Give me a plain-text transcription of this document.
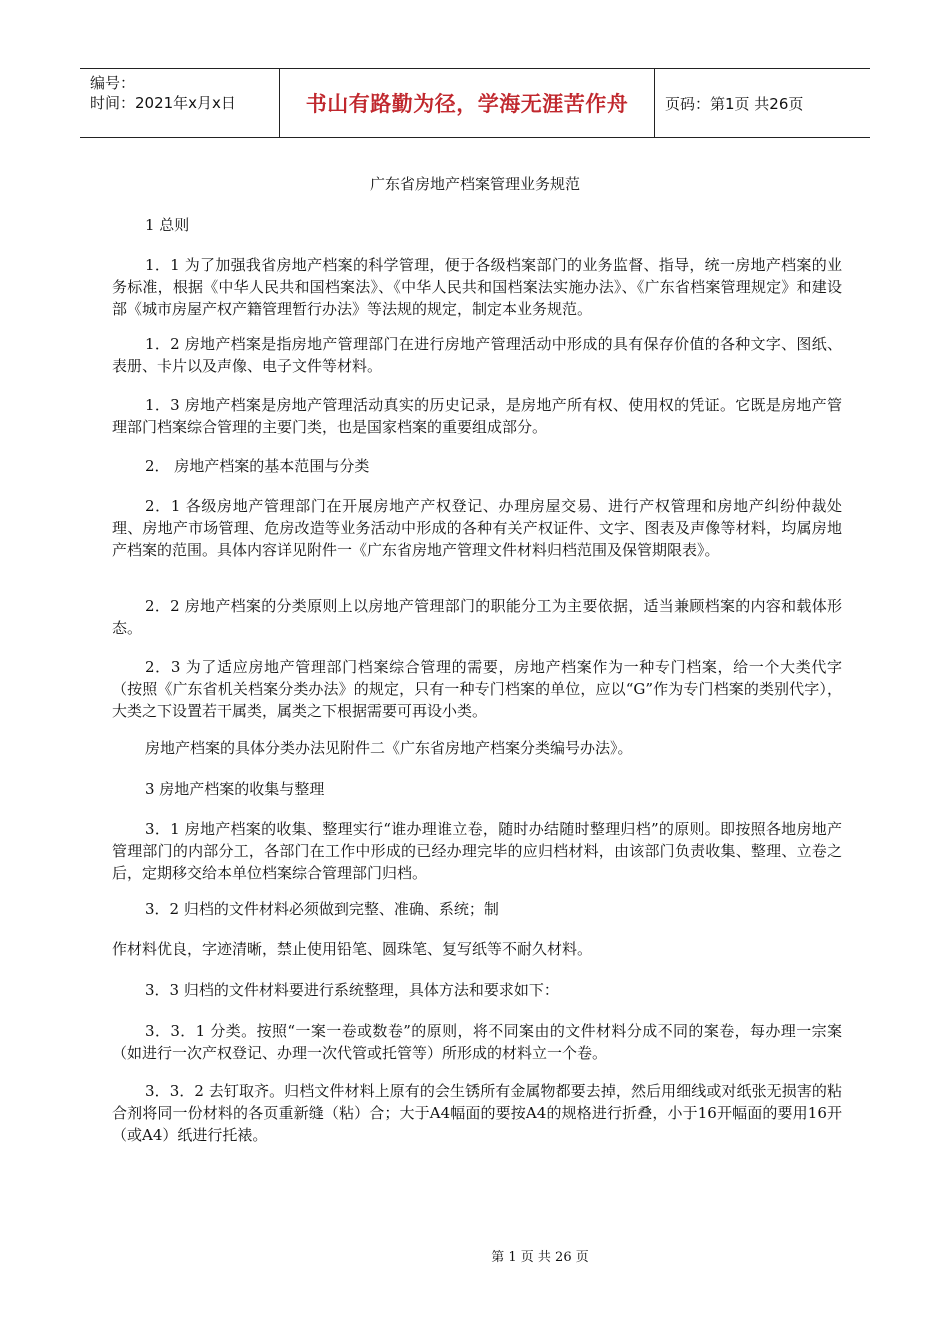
编号：
时间：2021年x月x日	书山有路勤为径，学海无涯苦作舟 页码：第1页 共26页
广东省房地产档案管理业务规范
1 总则
1．1 为了加强我省房地产档案的科学管理，便于各级档案部门的业务监督、指导，统一房地产档案的业务标准，根据《中华人民共和国档案法》、《中华人民共和国档案法实施办法》、《广东省档案管理规定》和建设部《城市房屋产权产籍管理暂行办法》等法规的规定，制定本业务规范。
1．2 房地产档案是指房地产管理部门在进行房地产管理活动中形成的具有保存价值的各种文字、图纸、表册、卡片以及声像、电子文件等材料。
1．3 房地产档案是房地产管理活动真实的历史记录，是房地产所有权、使用权的凭证。它既是房地产管理部门档案综合管理的主要门类，也是国家档案的重要组成部分。
2． 房地产档案的基本范围与分类
2．1 各级房地产管理部门在开展房地产产权登记、办理房屋交易、进行产权管理和房地产纠纷仲裁处理、房地产市场管理、危房改造等业务活动中形成的各种有关产权证件、文字、图表及声像等材料，均属房地产档案的范围。具体内容详见附件一《广东省房地产管理文件材料归档范围及保管期限表》。
2．2 房地产档案的分类原则上以房地产管理部门的职能分工为主要依据，适当兼顾档案的内容和载体形态。
2．3 为了适应房地产管理部门档案综合管理的需要，房地产档案作为一种专门档案，给一个大类代字（按照《广东省机关档案分类办法》的规定，只有一种专门档案的单位，应以“G”作为专门档案的类别代字），大类之下设置若干属类，属类之下根据需要可再设小类。
房地产档案的具体分类办法见附件二《广东省房地产档案分类编号办法》。
3 房地产档案的收集与整理
3．1 房地产档案的收集、整理实行“谁办理谁立卷，随时办结随时整理归档”的原则。即按照各地房地产管理部门的内部分工，各部门在工作中形成的已经办理完毕的应归档材料，由该部门负责收集、整理、立卷之后，定期移交给本单位档案综合管理部门归档。
3．2 归档的文件材料必须做到完整、准确、系统；制
作材料优良，字迹清晰，禁止使用铅笔、圆珠笔、复写纸等不耐久材料。
3．3 归档的文件材料要进行系统整理，具体方法和要求如下：
3．3．1 分类。按照“一案一卷或数卷”的原则，将不同案由的文件材料分成不同的案卷，每办理一宗案（如进行一次产权登记、办理一次代管或托管等）所形成的材料立一个卷。
3．3．2 去钉取齐。归档文件材料上原有的会生锈所有金属物都要去掉，然后用细线或对纸张无损害的粘合剂将同一份材料的各页重新缝（粘）合；大于A4幅面的要按A4的规格进行折叠，小于16开幅面的要用16开（或A4）纸进行托裱。
第 1 页 共 26 页
